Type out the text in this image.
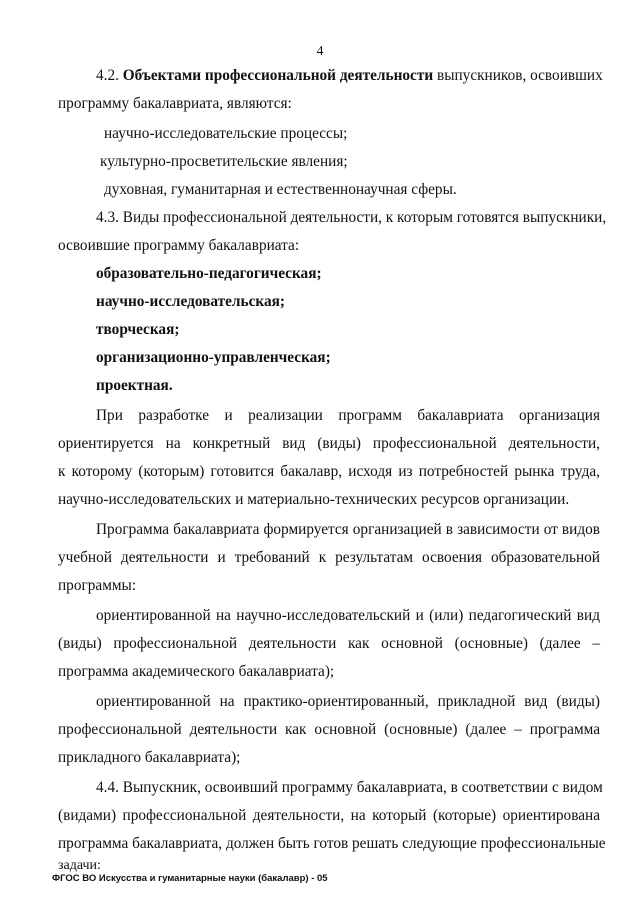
4
4.2. Объектами профессиональной деятельности выпускников, освоивших
программу бакалавриата, являются:
научно-исследовательские процессы;
культурно-просветительские явления;
духовная, гуманитарная и естественнонаучная сферы.
4.3. Виды профессиональной деятельности, к которым готовятся выпускники,
освоившие программу бакалавриата:
образовательно-педагогическая;
научно-исследовательская;
творческая;
организационно-управленческая;
проектная.
При разработке и реализации программ бакалавриата организация
ориентируется на конкретный вид (виды) профессиональной деятельности,
к которому (которым) готовится бакалавр, исходя из потребностей рынка труда,
научно-исследовательских и материально-технических ресурсов организации.
Программа бакалавриата формируется организацией в зависимости от видов
учебной деятельности и требований к результатам освоения образовательной
программы:
ориентированной на научно-исследовательский и (или) педагогический вид
(виды) профессиональной деятельности как основной (основные) (далее –
программа академического бакалавриата);
ориентированной на практико-ориентированный, прикладной вид (виды)
профессиональной деятельности как основной (основные) (далее – программа
прикладного бакалавриата);
4.4. Выпускник, освоивший программу бакалавриата, в соответствии с видом
(видами) профессиональной деятельности, на который (которые) ориентирована
программа бакалавриата, должен быть готов решать следующие профессиональные
задачи:
ФГОС ВО Искусства и гуманитарные науки (бакалавр) - 05
